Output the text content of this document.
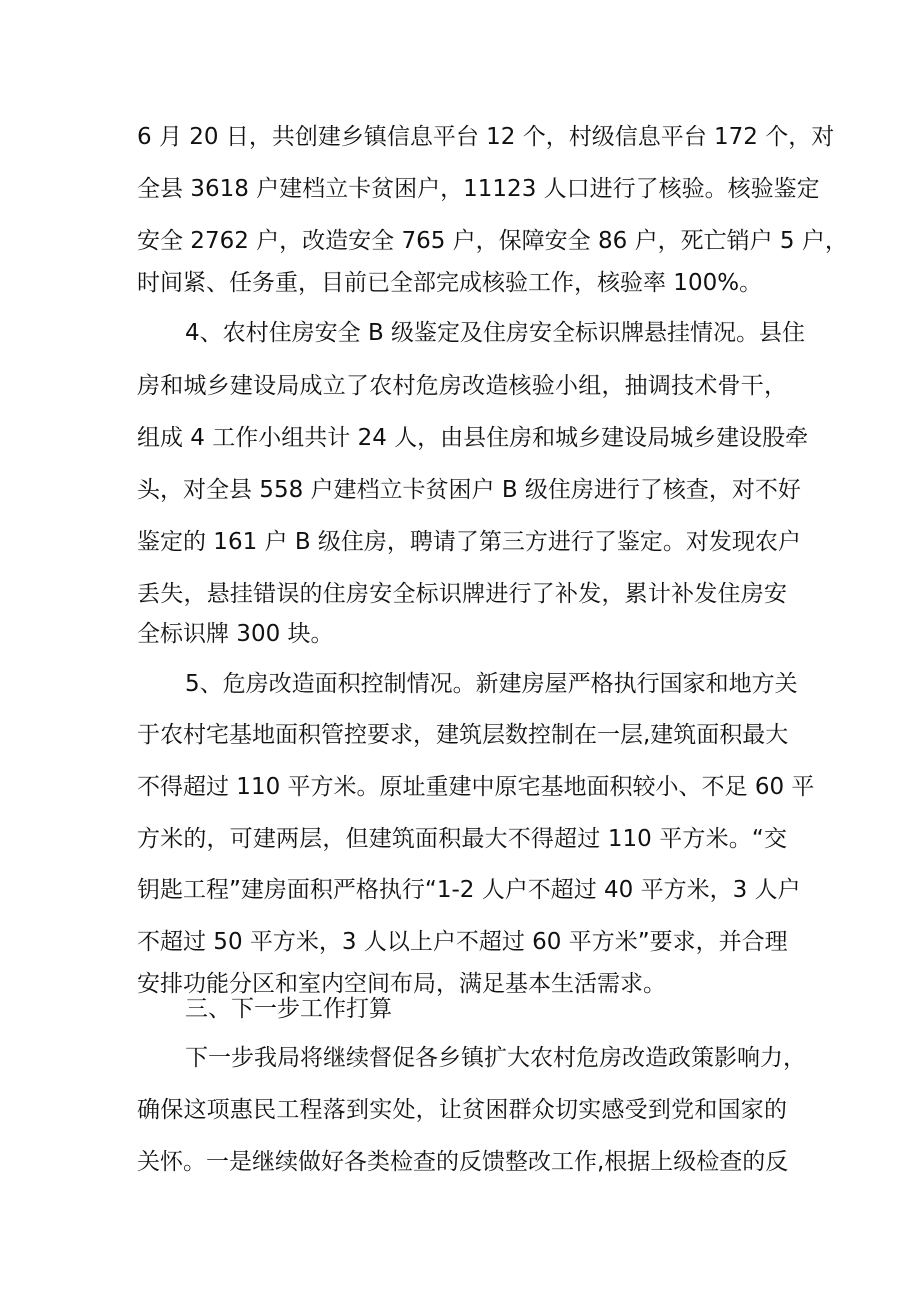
6 月 20 日，共创建乡镇信息平台 12 个，村级信息平台 172 个，对

全县 3618 户建档立卡贫困户，11123 人口进行了核验。核验鉴定

安全 2762 户，改造安全 765 户，保障安全 86 户，死亡销户 5 户，

时间紧、任务重，目前已全部完成核验工作，核验率 100%。

4、农村住房安全 B 级鉴定及住房安全标识牌悬挂情况。县住

房和城乡建设局成立了农村危房改造核验小组，抽调技术骨干，

组成 4 工作小组共计 24 人，由县住房和城乡建设局城乡建设股牵

头，对全县 558 户建档立卡贫困户 B 级住房进行了核查，对不好

鉴定的 161 户 B 级住房，聘请了第三方进行了鉴定。对发现农户

丢失，悬挂错误的住房安全标识牌进行了补发，累计补发住房安

全标识牌 300 块。

5、危房改造面积控制情况。新建房屋严格执行国家和地方关

于农村宅基地面积管控要求，建筑层数控制在一层,建筑面积最大

不得超过 110 平方米。原址重建中原宅基地面积较小、不足 60 平

方米的，可建两层，但建筑面积最大不得超过 110 平方米。“交

钥匙工程”建房面积严格执行“1-2 人户不超过 40 平方米，3 人户

不超过 50 平方米，3 人以上户不超过 60 平方米”要求，并合理

安排功能分区和室内空间布局，满足基本生活需求。

三、下一步工作打算

下一步我局将继续督促各乡镇扩大农村危房改造政策影响力，

确保这项惠民工程落到实处，让贫困群众切实感受到党和国家的

关怀。一是继续做好各类检查的反馈整改工作,根据上级检查的反
